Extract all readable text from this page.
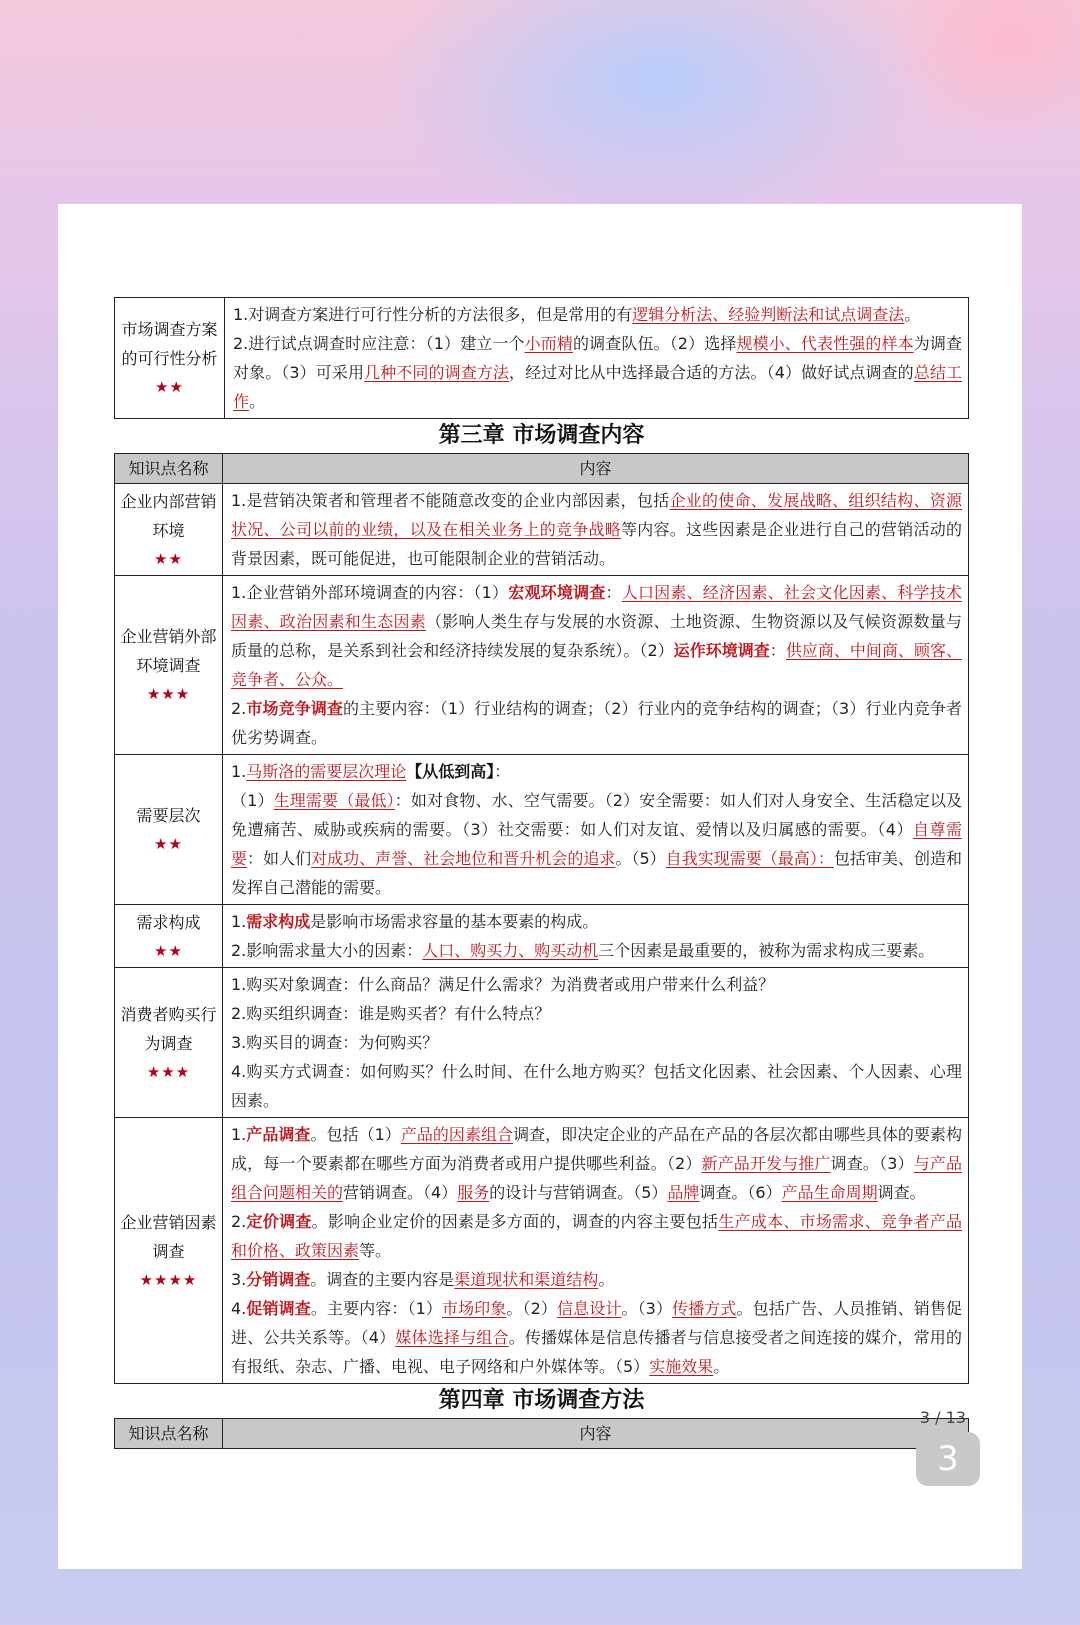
市场调查方案的可行性分析
★★
	1.对调查方案进行可行性分析的方法很多，但是常用的有逻辑分析法、经验判断法和试点调查法。
2.进行试点调查时应注意：（1）建立一个小而精的调查队伍。（2）选择规模小、代表性强的样本为调查对象。（3）可采用几种不同的调查方法，经过对比从中选择最合适的方法。（4）做好试点调查的总结工作。
第三章 市场调查内容
知识点名称	内容
企业内部营销环境
★★	1.是营销决策者和管理者不能随意改变的企业内部因素，包括企业的使命、发展战略、组织结构、资源状况、公司以前的业绩，以及在相关业务上的竞争战略等内容。这些因素是企业进行自己的营销活动的背景因素，既可能促进，也可能限制企业的营销活动。
企业营销外部环境调查
★★★	1.企业营销外部环境调查的内容：（1）宏观环境调查：人口因素、经济因素、社会文化因素、科学技术因素、政治因素和生态因素（影响人类生存与发展的水资源、土地资源、生物资源以及气候资源数量与质量的总称，是关系到社会和经济持续发展的复杂系统）。（2）运作环境调查：供应商、中间商、顾客、竞争者、公众。
2.市场竞争调查的主要内容：（1）行业结构的调查；（2）行业内的竞争结构的调查；（3）行业内竞争者优劣势调查。
需要层次
★★	1.马斯洛的需要层次理论【从低到高】：
（1）生理需要（最低）：如对食物、水、空气需要。（2）安全需要：如人们对人身安全、生活稳定以及免遭痛苦、威胁或疾病的需要。（3）社交需要：如人们对友谊、爱情以及归属感的需要。（4）自尊需要：如人们对成功、声誉、社会地位和晋升机会的追求。（5）自我实现需要（最高）：包括审美、创造和发挥自己潜能的需要。
需求构成
★★	1.需求构成是影响市场需求容量的基本要素的构成。
2.影响需求量大小的因素：人口、购买力、购买动机三个因素是最重要的，被称为需求构成三要素。
消费者购买行为调查
★★★	1.购买对象调查：什么商品？满足什么需求？为消费者或用户带来什么利益？
2.购买组织调查：谁是购买者？有什么特点？
3.购买目的调查：为何购买？
4.购买方式调查：如何购买？什么时间、在什么地方购买？包括文化因素、社会因素、个人因素、心理因素。
企业营销因素调查
★★★★	1.产品调查。包括（1）产品的因素组合调查，即决定企业的产品在产品的各层次都由哪些具体的要素构成，每一个要素都在哪些方面为消费者或用户提供哪些利益。（2）新产品开发与推广调查。（3）与产品组合问题相关的营销调查。（4）服务的设计与营销调查。（5）品牌调查。（6）产品生命周期调查。
2.定价调查。影响企业定价的因素是多方面的，调查的内容主要包括生产成本、市场需求、竞争者产品和价格、政策因素等。
3.分销调查。调查的主要内容是渠道现状和渠道结构。
4.促销调查。主要内容：（1）市场印象。（2）信息设计。（3）传播方式。包括广告、人员推销、销售促进、公共关系等。（4）媒体选择与组合。传播媒体是信息传播者与信息接受者之间连接的媒介，常用的有报纸、杂志、广播、电视、电子网络和户外媒体等。（5）实施效果。
第四章 市场调查方法
知识点名称	内容
3 / 13
3
